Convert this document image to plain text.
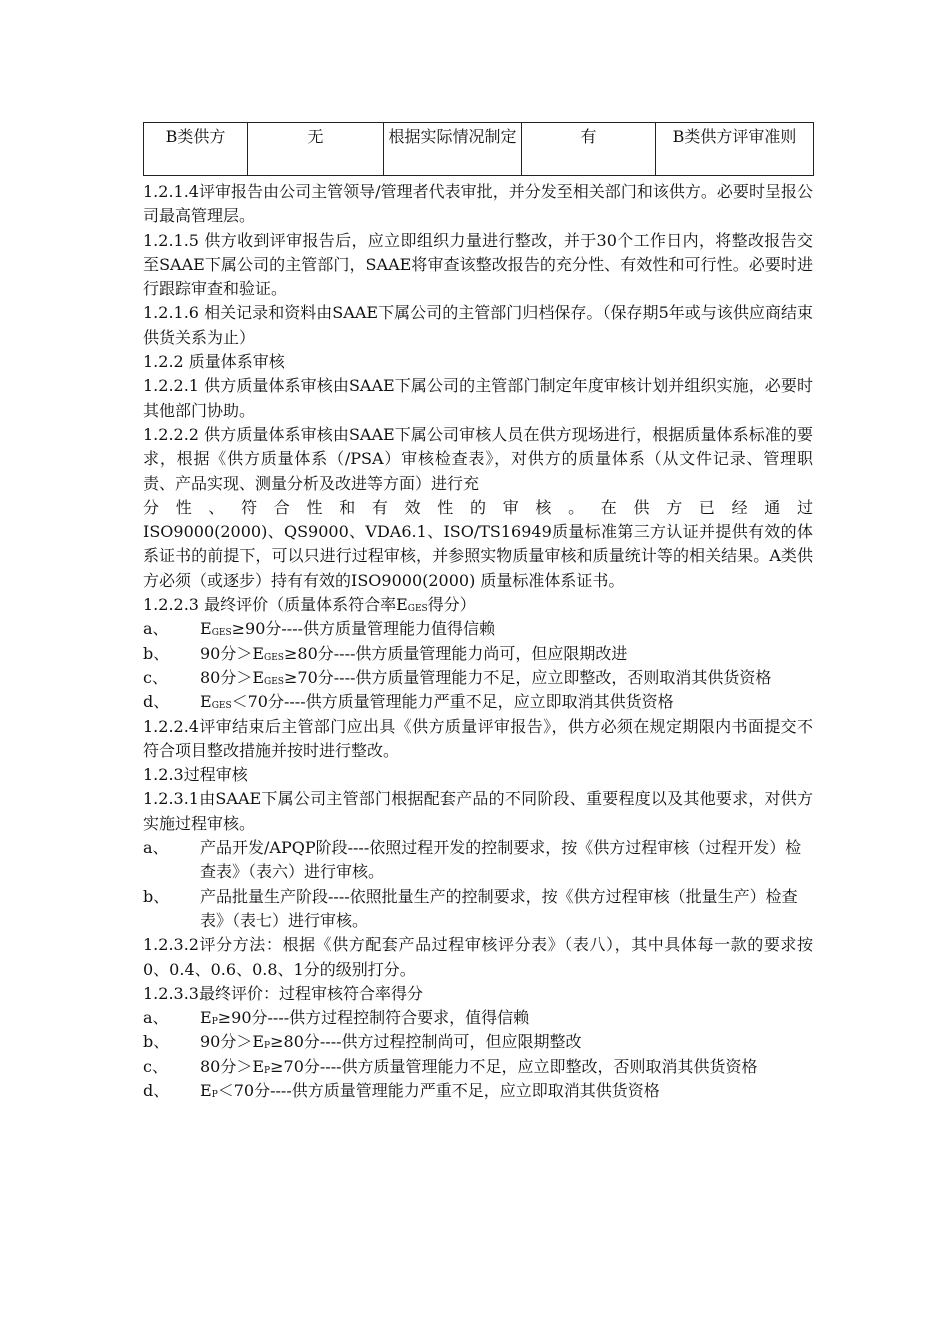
B类供方	无	根据实际情况制定	有	B类供方评审准则

1.2.1.4评审报告由公司主管领导/管理者代表审批，并分发至相关部门和该供方。必要时呈报公司最高管理层。

1.2.1.5 供方收到评审报告后，应立即组织力量进行整改，并于30个工作日内，将整改报告交至SAAE下属公司的主管部门，SAAE将审查该整改报告的充分性、有效性和可行性。必要时进行跟踪审查和验证。

1.2.1.6 相关记录和资料由SAAE下属公司的主管部门归档保存。（保存期5年或与该供应商结束供货关系为止）

1.2.2 质量体系审核

1.2.2.1 供方质量体系审核由SAAE下属公司的主管部门制定年度审核计划并组织实施，必要时其他部门协助。

1.2.2.2 供方质量体系审核由SAAE下属公司审核人员在供方现场进行，根据质量体系标准的要求，根据《供方质量体系（/PSA）审核检查表》，对供方的质量体系（从文件记录、管理职责、产品实现、测量分析及改进等方面）进行充

分 性 、 符 合 性 和 有 效 性 的 审 核 。 在 供 方 已 经 通 过

ISO9000(2000)、QS9000、VDA6.1、ISO/TS16949质量标准第三方认证并提供有效的体系证书的前提下，可以只进行过程审核，并参照实物质量审核和质量统计等的相关结果。A类供方必须（或逐步）持有有效的ISO9000(2000) 质量标准体系证书。

1.2.2.3 最终评价（质量体系符合率$E_{GES}$得分）

a、	$E_{GES}\ge 90$分----供方质量管理能力值得信赖
b、	90分$>E_{GES}\ge 80$分----供方质量管理能力尚可，但应限期改进
c、	80分$>E_{GES}\ge 70$分----供方质量管理能力不足，应立即整改，否则取消其供货资格
d、	$E_{GES}<70$分----供方质量管理能力严重不足，应立即取消其供货资格

1.2.2.4评审结束后主管部门应出具《供方质量评审报告》，供方必须在规定期限内书面提交不符合项目整改措施并按时进行整改。

1.2.3过程审核

1.2.3.1由SAAE下属公司主管部门根据配套产品的不同阶段、重要程度以及其他要求，对供方实施过程审核。

a、	产品开发/APQP阶段----依照过程开发的控制要求，按《供方过程审核（过程开发）检查表》（表六）进行审核。
b、	产品批量生产阶段----依照批量生产的控制要求，按《供方过程审核（批量生产）检查表》（表七）进行审核。

1.2.3.2评分方法：根据《供方配套产品过程审核评分表》（表八），其中具体每一款的要求按0、0.4、0.6、0.8、1分的级别打分。

1.2.3.3最终评价：过程审核符合率得分

a、	$E_P\ge 90$分----供方过程控制符合要求，值得信赖
b、	90分$>E_P\ge 80$分----供方过程控制尚可，但应限期整改
c、	80分$>E_P\ge 70$分----供方质量管理能力不足，应立即整改，否则取消其供货资格
d、	$E_P<70$分----供方质量管理能力严重不足，应立即取消其供货资格
